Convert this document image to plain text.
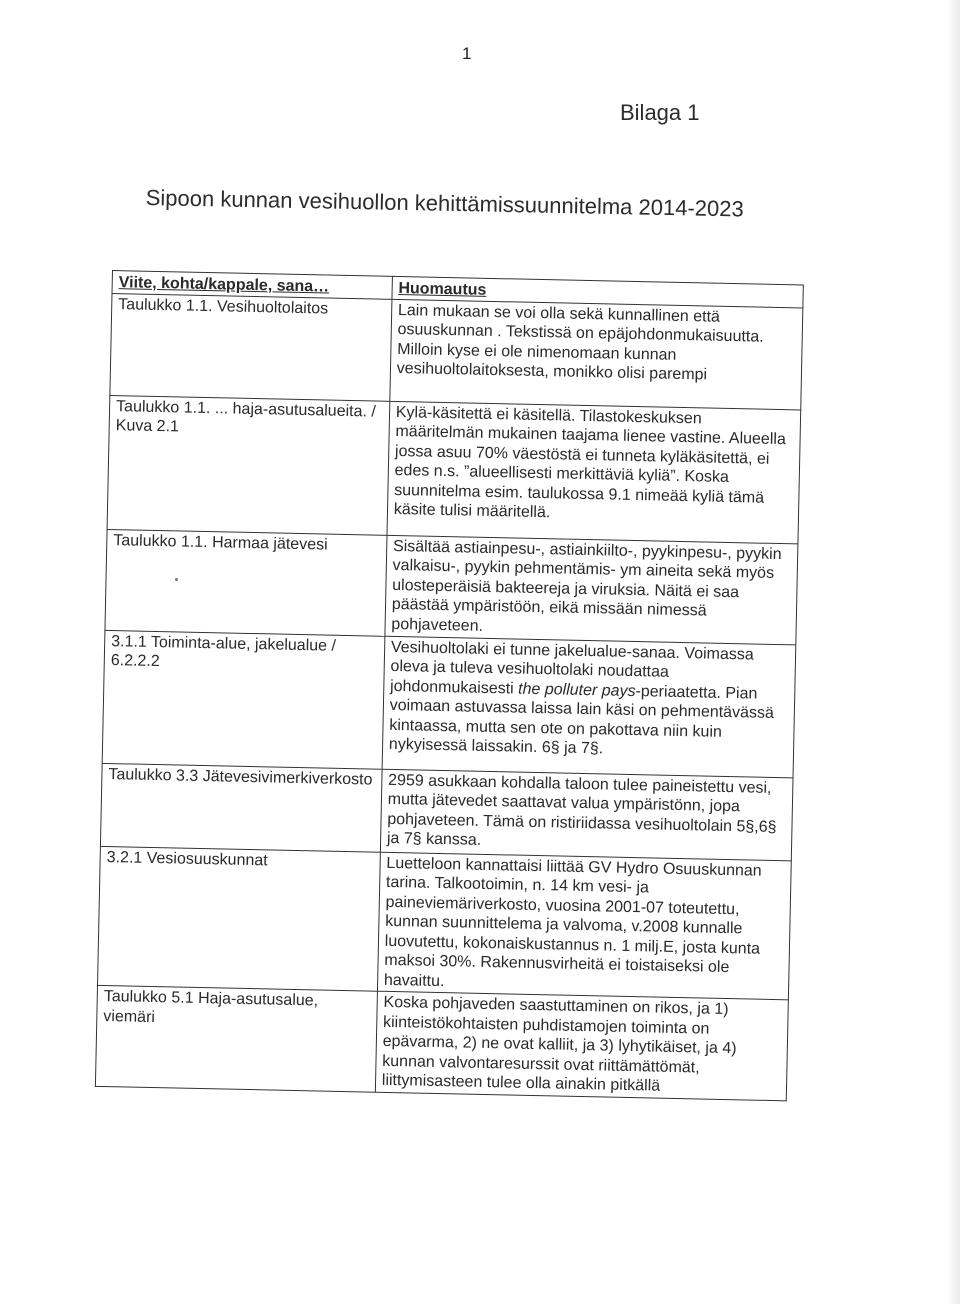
1
Bilaga 1
Sipoon kunnan vesihuollon kehittämissuunnitelma 2014-2023
Viite, kohta/kappale, sana…	Huomautus
Taulukko 1.1. Vesihuoltolaitos	Lain mukaan se voi olla sekä kunnallinen että osuuskunnan . Tekstissä on epäjohdonmukaisuutta. Milloin kyse ei ole nimenomaan kunnan vesihuoltolaitoksesta, monikko olisi parempi
Taulukko 1.1. ... haja-asutusalueita. / Kuva 2.1	Kylä-käsitettä ei käsitellä. Tilastokeskuksen määritelmän mukainen taajama lienee vastine. Alueella jossa asuu 70% väestöstä ei tunneta kyläkäsitettä, ei edes n.s. ”alueellisesti merkittäviä kyliä”. Koska suunnitelma esim. taulukossa 9.1 nimeää kyliä tämä käsite tulisi määritellä.
Taulukko 1.1. Harmaa jätevesi	Sisältää astiainpesu-, astiainkiilto-, pyykinpesu-, pyykin valkaisu-, pyykin pehmentämis- ym aineita sekä myös ulosteperäisiä bakteereja ja viruksia. Näitä ei saa päästää ympäristöön, eikä missään nimessä pohjaveteen.
3.1.1 Toiminta-alue, jakelualue / 6.2.2.2	Vesihuoltolaki ei tunne jakelualue-sanaa. Voimassa oleva ja tuleva vesihuoltolaki noudattaa johdonmukaisesti the polluter pays-periaatetta. Pian voimaan astuvassa laissa lain käsi on pehmentävässä kintaassa, mutta sen ote on pakottava niin kuin nykyisessä laissakin. 6§ ja 7§.
Taulukko 3.3 Jätevesivimerkiverkosto	2959 asukkaan kohdalla taloon tulee paineistettu vesi, mutta jätevedet saattavat valua ympäristönn, jopa pohjaveteen. Tämä on ristiriidassa vesihuoltolain 5§,6§ ja 7§ kanssa.
3.2.1 Vesiosuuskunnat	Luetteloon kannattaisi liittää GV Hydro Osuuskunnan tarina. Talkootoimin, n. 14 km vesi- ja paineviemäriverkosto, vuosina 2001-07 toteutettu, kunnan suunnittelema ja valvoma, v.2008 kunnalle luovutettu, kokonaiskustannus n. 1 milj.E, josta kunta maksoi 30%. Rakennusvirheitä ei toistaiseksi ole havaittu.
Taulukko 5.1 Haja-asutusalue, viemäri	Koska pohjaveden saastuttaminen on rikos, ja 1) kiinteistökohtaisten puhdistamojen toiminta on epävarma, 2) ne ovat kalliit, ja 3) lyhytikäiset, ja 4) kunnan valvontaresurssit ovat riittämättömät, liittymisasteen tulee olla ainakin pitkällä
